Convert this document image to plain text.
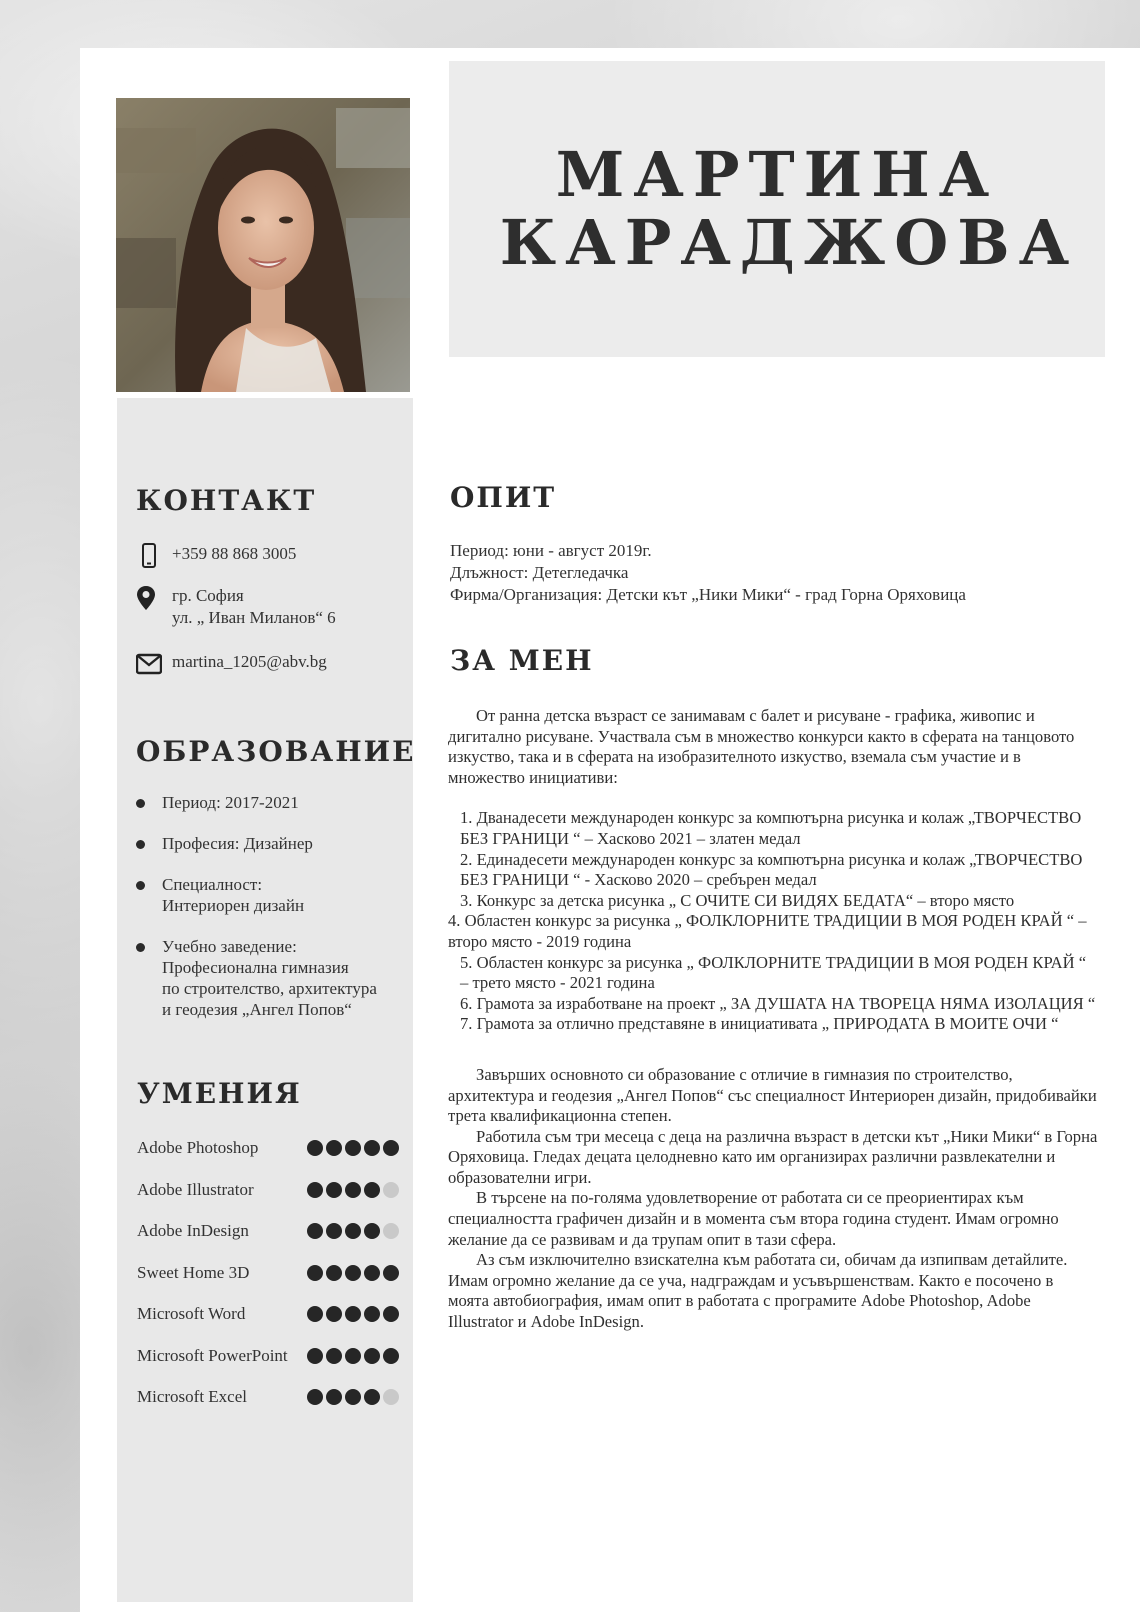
МАРТИНА
КАРАДЖОВА
КОНТАКТ
+359 88 868 3005
гр. София
ул. „ Иван Миланов“ 6
martina_1205@abv.bg
ОБРАЗОВАНИЕ
Период: 2017-2021
Професия: Дизайнер
Специалност:
Интериорен дизайн
Учебно заведение:
Професионална гимназия
по строителство, архитектура
и геодезия „Ангел Попов“
УМЕНИЯ
Adobe Photoshop
Adobe Illustrator
Adobe InDesign
Sweet Home 3D
Microsoft Word
Microsoft PowerPoint
Microsoft Excel
ОПИТ
Период: юни - август 2019г.
Длъжност: Детегледачка
Фирма/Организация: Детски кът „Ники Мики“ - град Горна Оряховица
ЗА МЕН

От ранна детска възраст се занимавам с балет и рисуване - графика, живопис и дигитално рисуване. Участвала съм в множество конкурси както в сферата на танцовото изкуство, така и в сферата на изобразителното изкуство, вземала съм участие и в множество инициативи:

1. Дванадесети международен конкурс за компютърна рисунка и колаж „ТВОРЧЕСТВО БЕЗ ГРАНИЦИ “ – Хасково 2021 – златен медал

2. Единадесети международен конкурс за компютърна рисунка и колаж „ТВОРЧЕСТВО БЕЗ ГРАНИЦИ “ - Хасково 2020 – сребърен медал

3. Конкурс за детска рисунка „ С ОЧИТЕ СИ ВИДЯХ БЕДАТА“ – второ място

4. Областен конкурс за рисунка „ ФОЛКЛОРНИТЕ ТРАДИЦИИ В МОЯ РОДЕН КРАЙ “ – второ място - 2019 година

5. Областен конкурс за рисунка „ ФОЛКЛОРНИТЕ ТРАДИЦИИ В МОЯ РОДЕН КРАЙ “ – трето място - 2021 година

6. Грамота за изработване на проект „ ЗА ДУШАТА НА ТВОРЕЦА НЯМА ИЗОЛАЦИЯ “

7. Грамота за отлично представяне в инициативата „ ПРИРОДАТА В МОИТЕ ОЧИ “

Завърших основното си образование с отличие в гимназия по строителство, архитектура и геодезия „Ангел Попов“ със специалност Интериорен дизайн, придобивайки трета квалификационна степен.

Работила съм три месеца с деца на различна възраст в детски кът „Ники Мики“ в Горна Оряховица. Гледах децата целодневно като им организирах различни развлекателни и образователни игри.

В търсене на по-голяма удовлетворение от работата си се преориентирах към специалността графичен дизайн и в момента съм втора година студент. Имам огромно желание да се развивам и да трупам опит в тази сфера.

Аз съм изключително взискателна към работата си, обичам да изпипвам детайлите. Имам огромно желание да се уча, надграждам и усъвършенствам. Както е посочено в моята автобиография, имам опит в работата с програмите Adobe Photoshop, Adobe Illustrator и Adobe InDesign.
